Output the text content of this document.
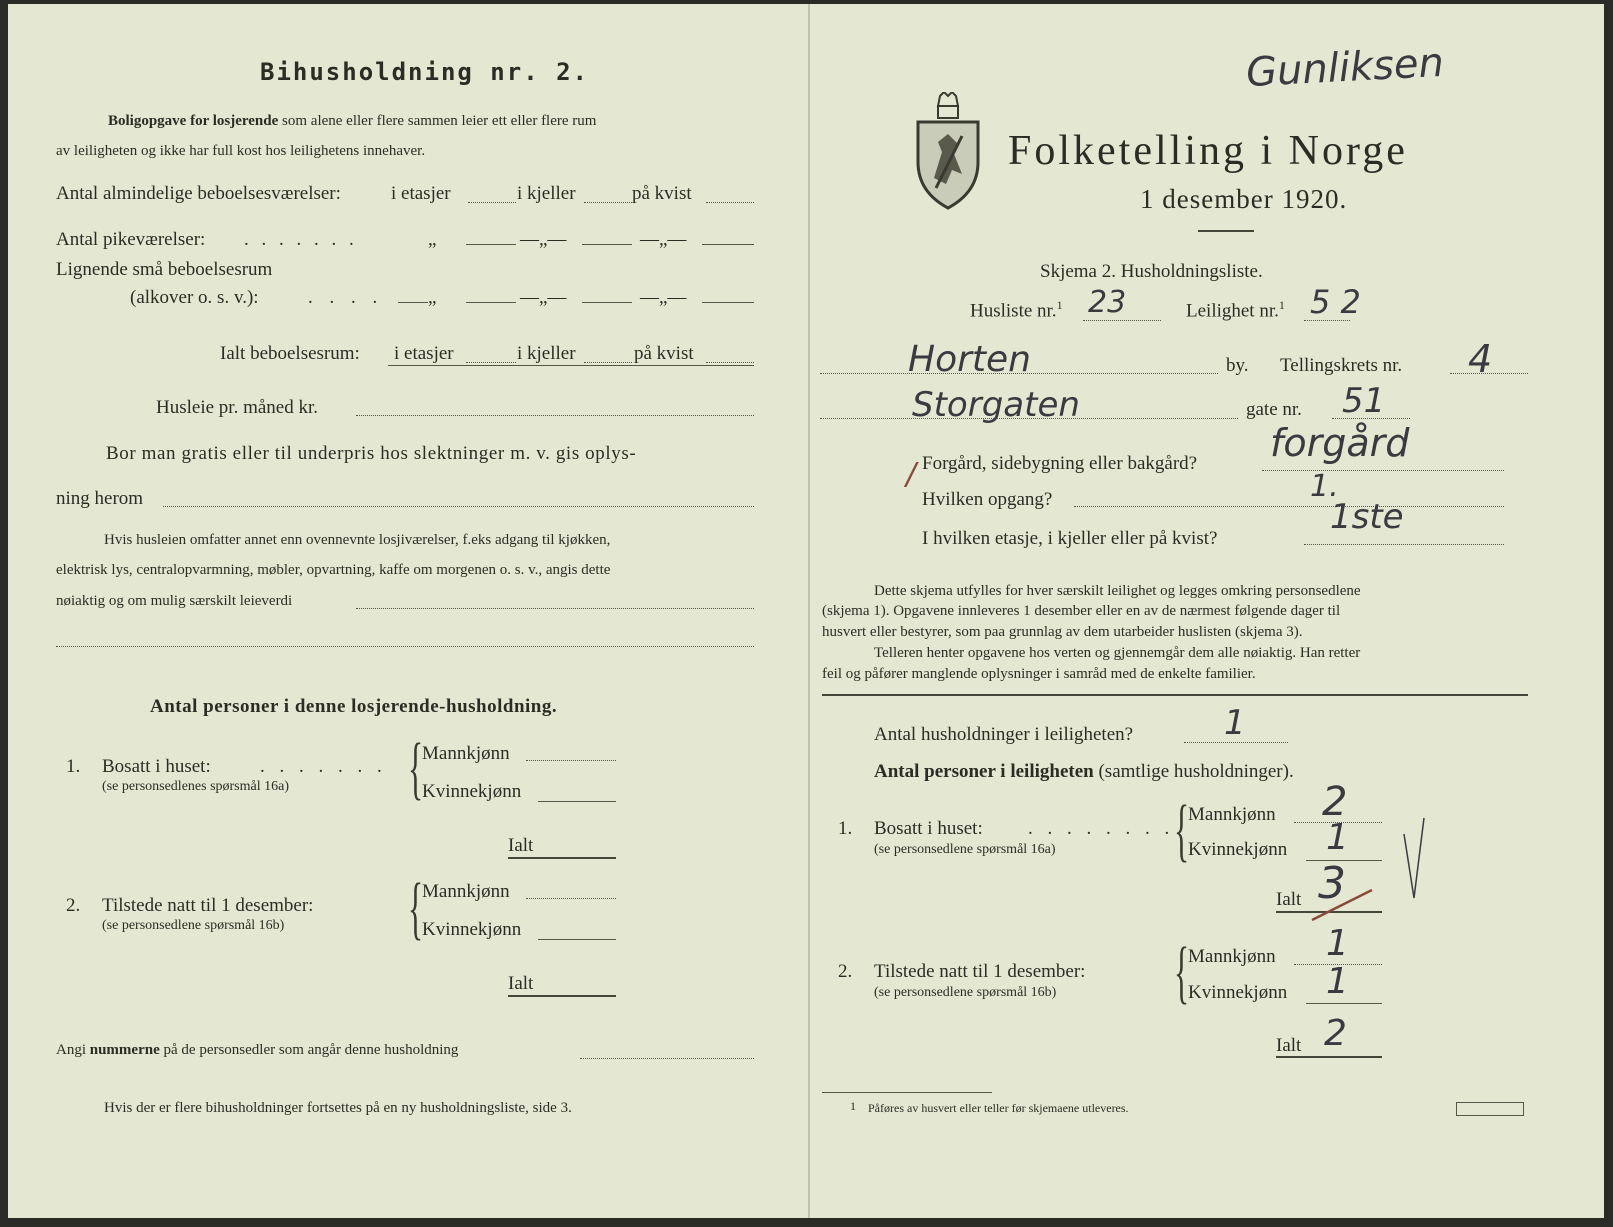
Bihusholdning nr. 2.
Boligopgave for losjerende som alene eller flere sammen leier ett eller flere rum
av leiligheten og ikke har full kost hos leilighetens innehaver.
Antal almindelige beboelsesværelser:	i etasjer	i kjeller	på kvist
Antal pikeværelser: . . . . . . .	„	—„—	—„—
Lignende små beboelsesrum
(alkover o. s. v.):	. . . . „	—„—	—„—
Ialt beboelsesrum: i etasjer	i kjeller	på kvist
Husleie pr. måned kr.
Bor man gratis eller til underpris hos slektninger m. v. gis oplys-
ning herom
Hvis husleien omfatter annet enn ovennevnte losjiværelser, f.eks adgang til kjøkken,
elektrisk lys, centralopvarmning, møbler, opvartning, kaffe om morgenen o. s. v., angis dette
nøiaktig og om mulig særskilt leieverdi
Antal personer i denne losjerende-husholdning.
1. Bosatt i huset:	. . . . . . .
(se personsedlenes spørsmål 16a) {
Mannkjønn
Kvinnekjønn
Ialt
2. Tilstede natt til 1 desember:
(se personsedlene spørsmål 16b) {
Mannkjønn
Kvinnekjønn
Ialt
Angi nummerne på de personsedler som angår denne husholdning
Hvis der er flere bihusholdninger fortsettes på en ny husholdningsliste, side 3.
Gunliksen
Folketelling i Norge
1 desember 1920.
Skjema 2. Husholdningsliste.
Husliste nr.$^1$ 23	Leilighet nr.$^1$ 5 2
Horten	by. Tellingskrets nr. 4
Storgaten	gate nr. 51
/ Forgård, sidebygning eller bakgård? forgård
Hvilken opgang?	1.
I hvilken etasje, i kjeller eller på kvist?
1ste
Dette skjema utfylles for hver særskilt leilighet og legges omkring personsedlene
(skjema 1). Opgavene innleveres 1 desember eller en av de nærmest følgende dager til
husvert eller bestyrer, som paa grunnlag av dem utarbeider huslisten (skjema 3).
Telleren henter opgavene hos verten og gjennemgår dem alle nøiaktig. Han retter
feil og påfører manglende oplysninger i samråd med de enkelte familier.
Antal husholdninger i leiligheten?	1
Antal personer i leiligheten (samtlige husholdninger).
1. Bosatt i huset: . . . . . . . .
(se personsedlene spørsmål 16a) {
Mannkjønn 2
Kvinnekjønn 1
Ialt 3
2. Tilstede natt til 1 desember:
(se personsedlene spørsmål 16b) {
Mannkjønn 1
Kvinnekjønn 1
Ialt 2
1 Påføres av husvert eller teller før skjemaene utleveres.
